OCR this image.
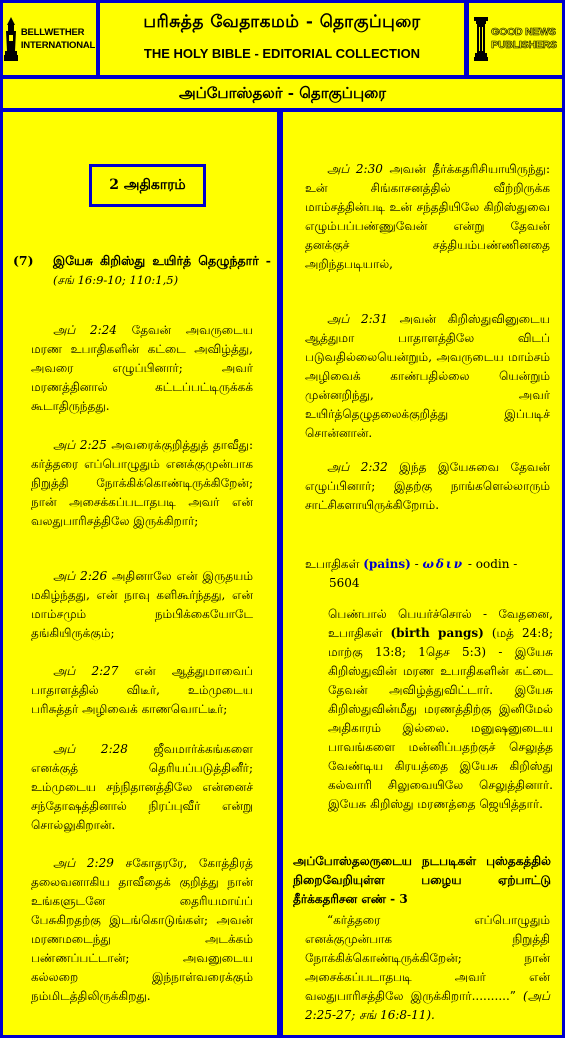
BELLWETHER
INTERNATIONAL
பரிசுத்த வேதாகமம் - தொகுப்புரை
THE HOLY BIBLE - EDITORIAL COLLECTION
GOOD NEWS
PUBLISHERS
அப்போஸ்தலர் - தொகுப்புரை
2 அதிகாரம்
(7) இயேசு கிறிஸ்து உயிர்த் தெழுந்தார் - (சங் 16:9-10; 110:1,5)

அப் 2:24 தேவன் அவருடைய மரண உபாதிகளின் கட்டை அவிழ்த்து, அவரை எழுப்பினார்; அவர் மரணத்தினால் கட்டப்பட்டிருக்கக் கூடாதிருந்தது.

அப் 2:25 அவரைக்குறித்துத் தாவீது: கர்த்தரை எப்பொழுதும் எனக்குமுன்பாக நிறுத்தி நோக்கிக்கொண்டிருக்கிறேன்; நான் அசைக்கப்படாதபடி அவர் என் வலதுபாரிசத்திலே இருக்கிறார்;

அப் 2:26 அதினாலே என் இருதயம் மகிழ்ந்தது, என் நாவு களிகூர்ந்தது, என் மாம்சமும் நம்பிக்கையோடே தங்கியிருக்கும்;

அப் 2:27 என் ஆத்துமாவைப் பாதாளத்தில் விடீர், உம்முடைய பரிசுத்தர் அழிவைக் காணவொட்டீர்;

அப் 2:28 ஜீவமார்க்கங்களை எனக்குத் தெரியப்படுத்தினீர்; உம்முடைய சந்நிதானத்திலே என்னைச் சந்தோஷத்தினால் நிரப்புவீர் என்று சொல்லுகிறான்.

அப் 2:29 சகோதரரே, கோத்திரத் தலைவனாகிய தாவீதைக் குறித்து நான் உங்களுடனே தைரியமாய்ப் பேசுகிறதற்கு இடங்கொடுங்கள்; அவன் மரணமடைந்து அடக்கம் பண்ணப்பட்டான்; அவனுடைய கல்லறை இந்நாள்வரைக்கும் நம்மிடத்திலிருக்கிறது.

அப் 2:30 அவன் தீர்க்கதரிசியாயிருந்து: உன் சிங்காசனத்தில் வீற்றிருக்க மாம்சத்தின்படி உன் சந்ததியிலே கிறிஸ்துவை எழும்பப்பண்ணுவேன் என்று தேவன் தனக்குச் சத்தியம்பண்ணினதை அறிந்தபடியால்,

அப் 2:31 அவன் கிறிஸ்துவினுடைய ஆத்துமா பாதாளத்திலே விடப் படுவதில்லையென்றும், அவருடைய மாம்சம் அழிவைக் காண்பதில்லை யென்றும் முன்னறிந்து, அவர் உயிர்த்தெழுதலைக்குறித்து இப்படிச் சொன்னான்.

அப் 2:32 இந்த இயேசுவை தேவன் எழுப்பினார்; இதற்கு நாங்களெல்லாரும் சாட்சிகளாயிருக்கிறோம்.

உபாதிகள் (pains) - ωδιν - oodin -
5604
பெண்பால் பெயர்ச்சொல் - வேதனை, உபாதிகள் (birth pangs) (மத் 24:8; மாற்கு 13:8; 1தெச 5:3) - இயேசு கிறிஸ்துவின் மரண உபாதிகளின் கட்டை தேவன் அவிழ்த்துவிட்டார். இயேசு கிறிஸ்துவின்மீது மரணத்திற்கு இனிமேல் அதிகாரம் இல்லை. மனுஷனுடைய பாவங்களை மன்னிப்பதற்குச் செலுத்த வேண்டிய கிரயத்தை இயேசு கிறிஸ்து கல்வாரி சிலுவையிலே செலுத்தினார். இயேசு கிறிஸ்து மரணத்தை ஜெயித்தார்.
அப்போஸ்தலருடைய நடபடிகள் புஸ்தகத்தில் நிறைவேறியுள்ள பழைய ஏற்பாட்டு தீர்க்கதரிசன எண் - 3
“கர்த்தரை எப்பொழுதும் எனக்குமுன்பாக நிறுத்தி நோக்கிக்கொண்டிருக்கிறேன்; நான் அசைக்கப்படாதபடி அவர் என் வலதுபாரிசத்திலே இருக்கிறார்..........” (அப் 2:25-27; சங் 16:8-11).
